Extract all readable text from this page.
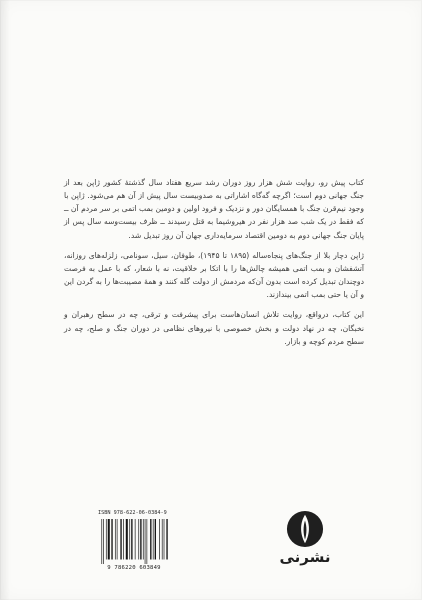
کتاب پیش رو، روایت شش هزار روز دوران رشد سریع هفتاد سال گذشتهٔ کشور ژاپن بعد از جنگ جهانی دوم است؛ اگرچه گه‌گاه اشاراتی به صدوبیست سال پیش از آن هم می‌شود. ژاپن با وجود نیم‌قرن جنگ با همسایگان دور و نزدیک و فرود اولین و دومین بمب اتمی بر سر مردم آن ــ که فقط در یک شب صد هزار نفر در هیروشیما به قتل رسیدند ــ ظرف بیست‌وسه سال پس از پایان جنگ جهانی دوم به دومین اقتصاد سرمایه‌داری جهان آن روز تبدیل شد.

ژاپن دچار بلا از جنگ‌های پنجاه‌ساله (۱۸۹۵ تا ۱۹۴۵)، طوفان، سیل، سونامی، زلزله‌های روزانه، آتشفشان و بمب اتمی همیشه چالش‌ها را با اتکا بر خلاقیت، نه با شعار، که با عمل به فرصت دوچندان تبدیل کرده است بدون آن‌که مردمش از دولت گله کنند و همهٔ مصیبت‌ها را به گردن این و آن یا حتی بمب اتمی بیندازند.

این کتاب، درواقع، روایت تلاش انسان‌هاست برای پیشرفت و ترقی، چه در سطح رهبران و نخبگان، چه در نهاد دولت و بخش خصوصی با نیروهای نظامی در دوران جنگ و صلح، چه در سطح مردم کوچه و بازار.

ISBN 978-622-06-0384-9
9 786220 603849
نشرنی
